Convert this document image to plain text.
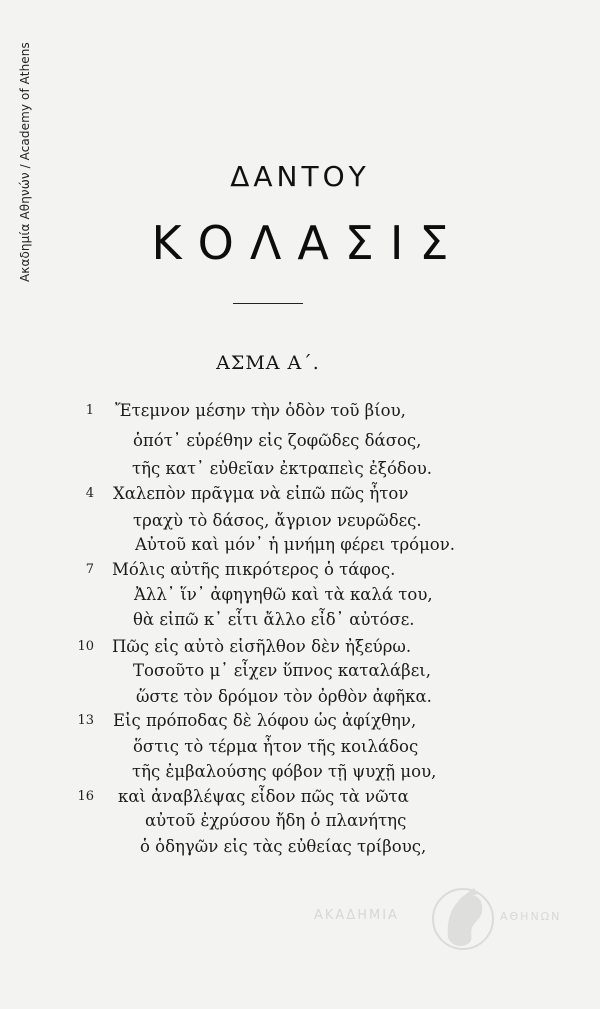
Ακαδημία Αθηνών / Academy of Athens	ΔΑΝΤΟΥ
ΚΟΛΑΣΙΣ
ΑΣΜΑ Α΄.
1 Ἔτεμνον μέσην τὴν ὁδὸν τοῦ βίου,
ὁπότ᾽ εὑρέθην εἰς ζοφῶδες δάσος,
τῆς κατ᾽ εὐθεῖαν ἐκτραπεὶς ἐξόδου.
4 Χαλεπὸν πρᾶγμα νὰ εἰπῶ πῶς ἦτον
τραχὺ τὸ δάσος, ἄγριον νευρῶδες.
Αὐτοῦ καὶ μόν᾽ ἡ μνήμη φέρει τρόμον.
7 Μόλις αὐτῆς πικρότερος ὁ τάφος.
Ἀλλ᾽ ἵν᾽ ἀφηγηθῶ καὶ τὰ καλά του,
θὰ εἰπῶ κ᾽ εἶτι ἄλλο εἶδ᾽ αὐτόσε.
10 Πῶς εἰς αὐτὸ εἰσῆλθον δὲν ἠξεύρω.
Τοσοῦτο μ᾽ εἶχεν ὕπνος καταλάβει,
ὥστε τὸν δρόμον τὸν ὀρθὸν ἀφῆκα.
13 Εἰς πρόποδας δὲ λόφου ὡς ἀφίχθην,
ὅστις τὸ τέρμα ἦτον τῆς κοιλάδος
τῆς ἐμβαλούσης φόβον τῇ ψυχῇ μου,
16 καὶ ἀναβλέψας εἶδον πῶς τὰ νῶτα
αὐτοῦ ἐχρύσου ἤδη ὁ πλανήτης
ὁ ὁδηγῶν εἰς τὰς εὐθείας τρίβους,
ΑΚΑΔΗΜΙΑ	ΑΘΗΝΩΝ
